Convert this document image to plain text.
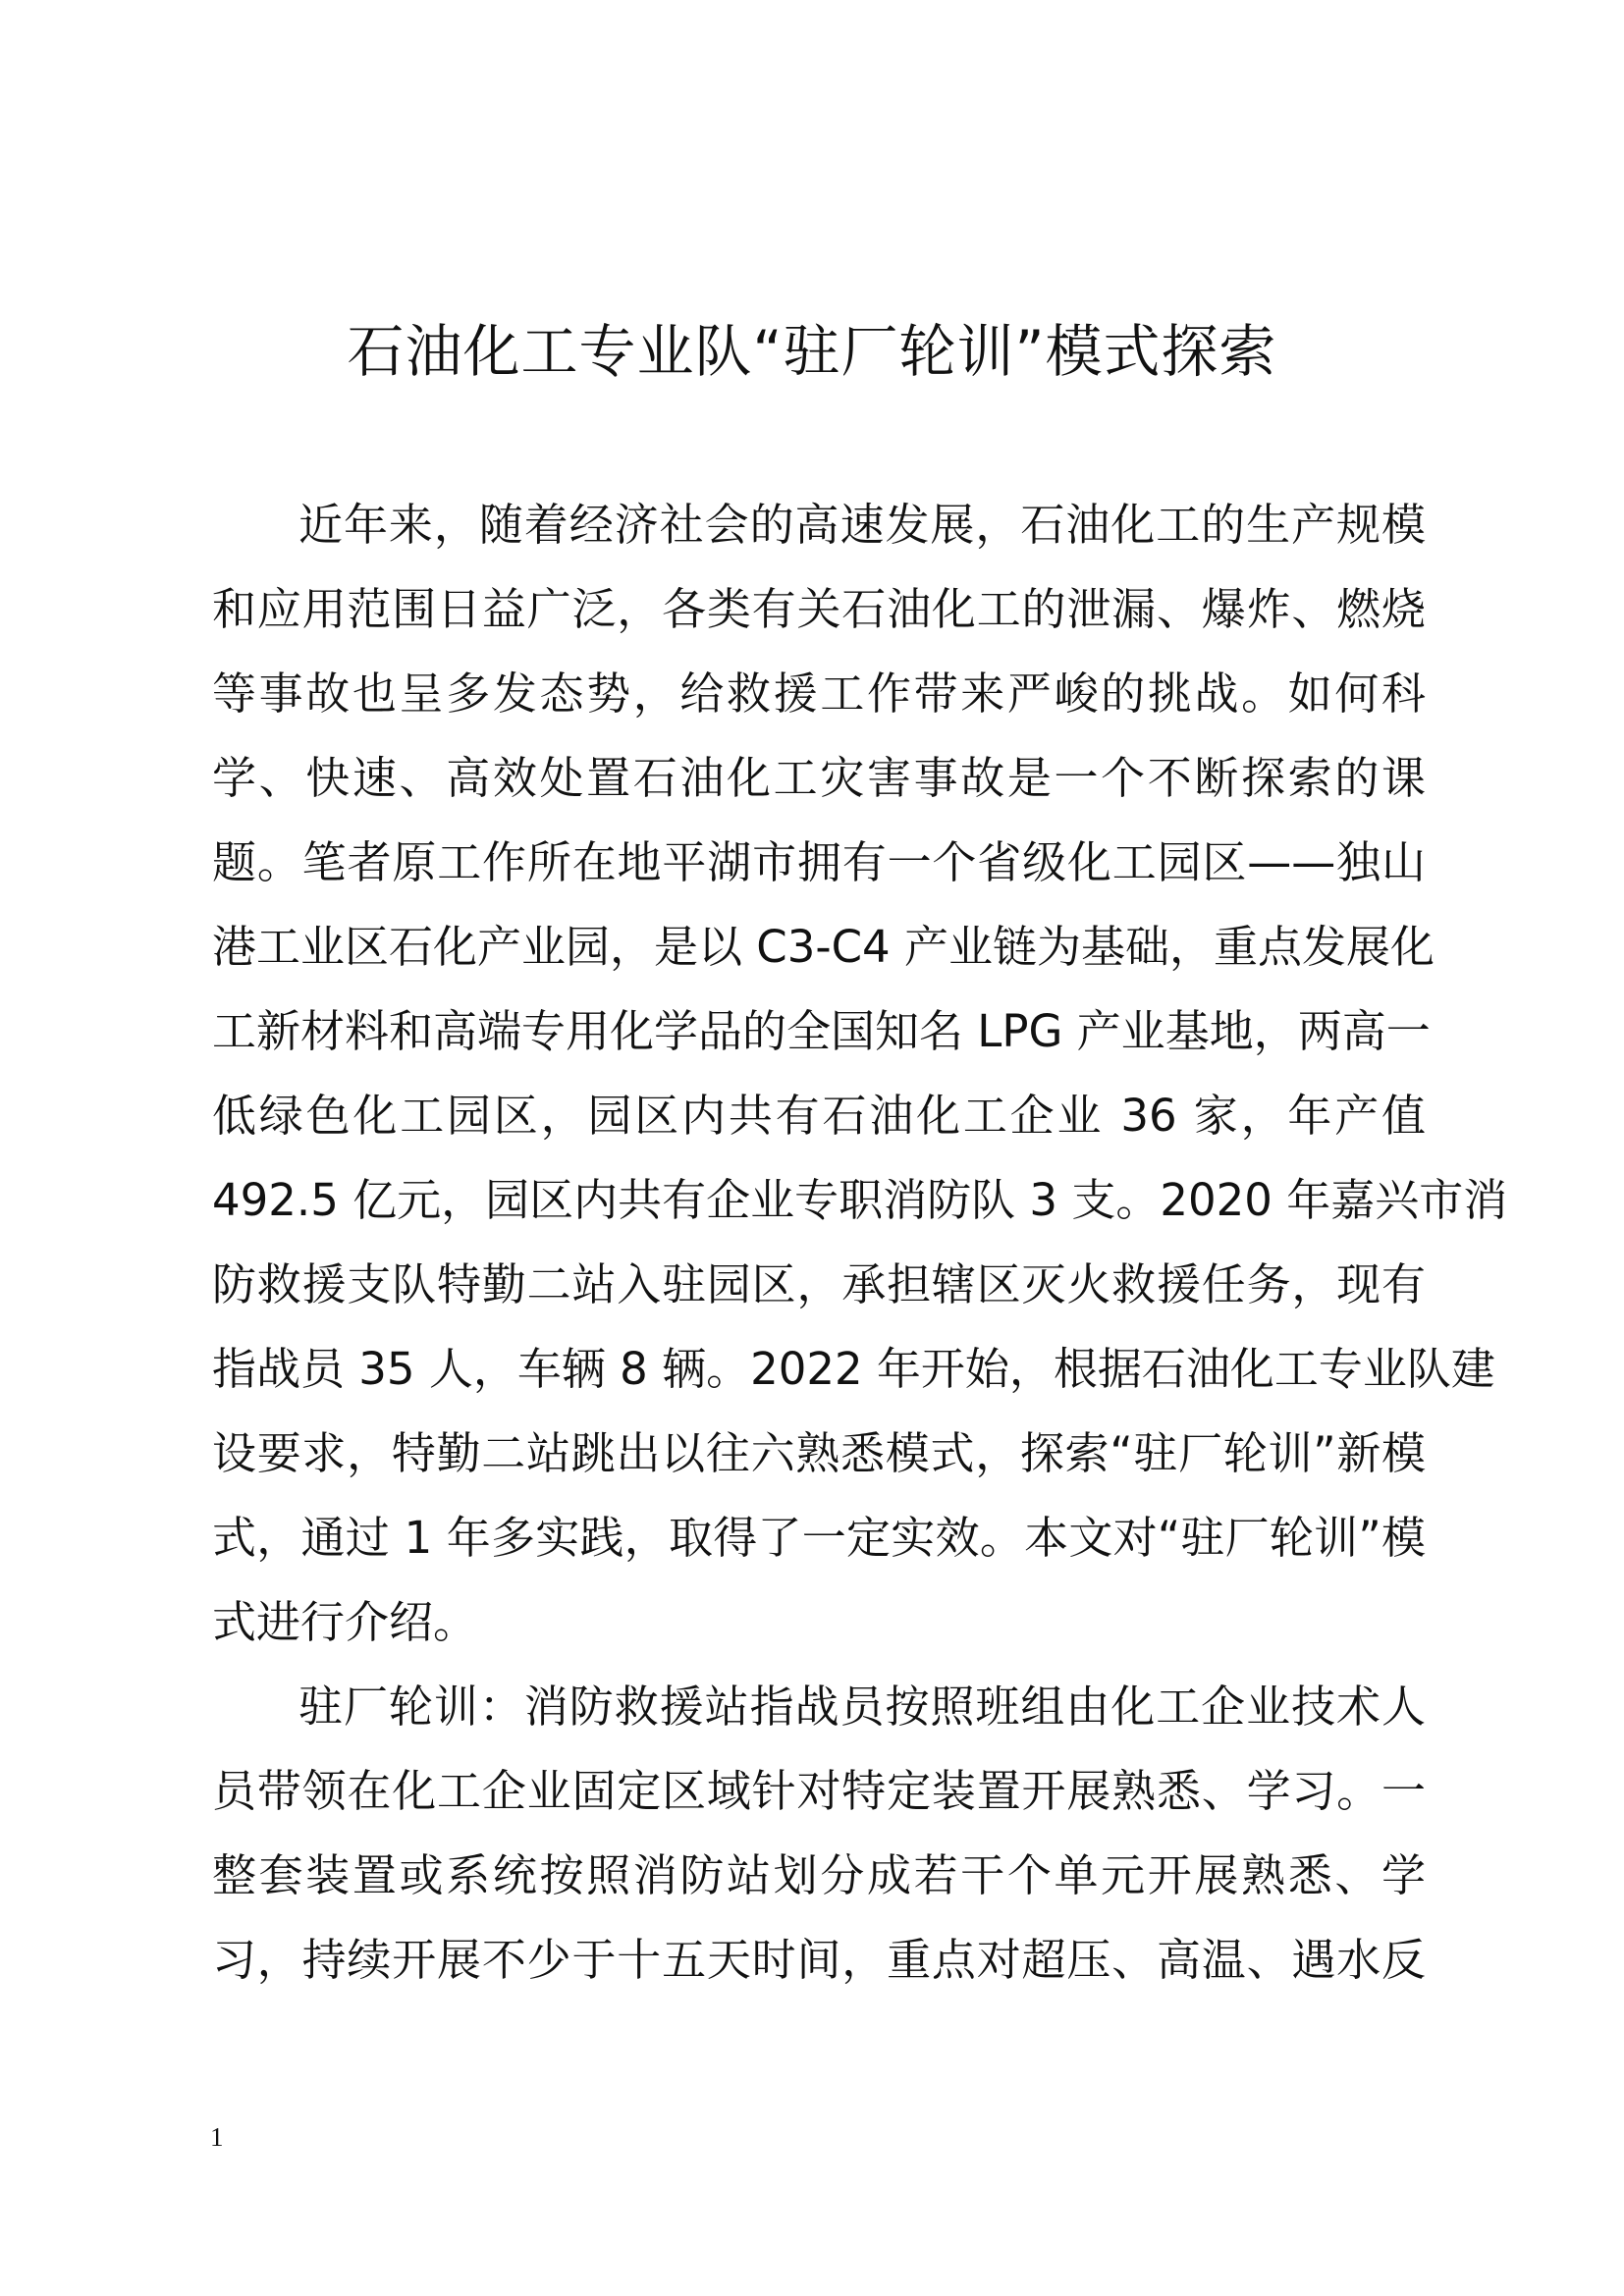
石油化工专业队“驻厂轮训”模式探索
近年来，随着经济社会的高速发展，石油化工的生产规模
和应用范围日益广泛，各类有关石油化工的泄漏、爆炸、燃烧
等事故也呈多发态势，给救援工作带来严峻的挑战。如何科
学、快速、高效处置石油化工灾害事故是一个不断探索的课
题。笔者原工作所在地平湖市拥有一个省级化工园区——独山
港工业区石化产业园，是以 C3-C4 产业链为基础，重点发展化
工新材料和高端专用化学品的全国知名 LPG 产业基地，两高一
低绿色化工园区，园区内共有石油化工企业 36 家，年产值
492.5 亿元，园区内共有企业专职消防队 3 支。2020 年嘉兴市消
防救援支队特勤二站入驻园区，承担辖区灭火救援任务，现有
指战员 35 人，车辆 8 辆。2022 年开始，根据石油化工专业队建
设要求，特勤二站跳出以往六熟悉模式，探索“驻厂轮训”新模
式，通过 1 年多实践，取得了一定实效。本文对“驻厂轮训”模
式进行介绍。
驻厂轮训：消防救援站指战员按照班组由化工企业技术人
员带领在化工企业固定区域针对特定装置开展熟悉、学习。一
整套装置或系统按照消防站划分成若干个单元开展熟悉、学
习，持续开展不少于十五天时间，重点对超压、高温、遇水反
1
